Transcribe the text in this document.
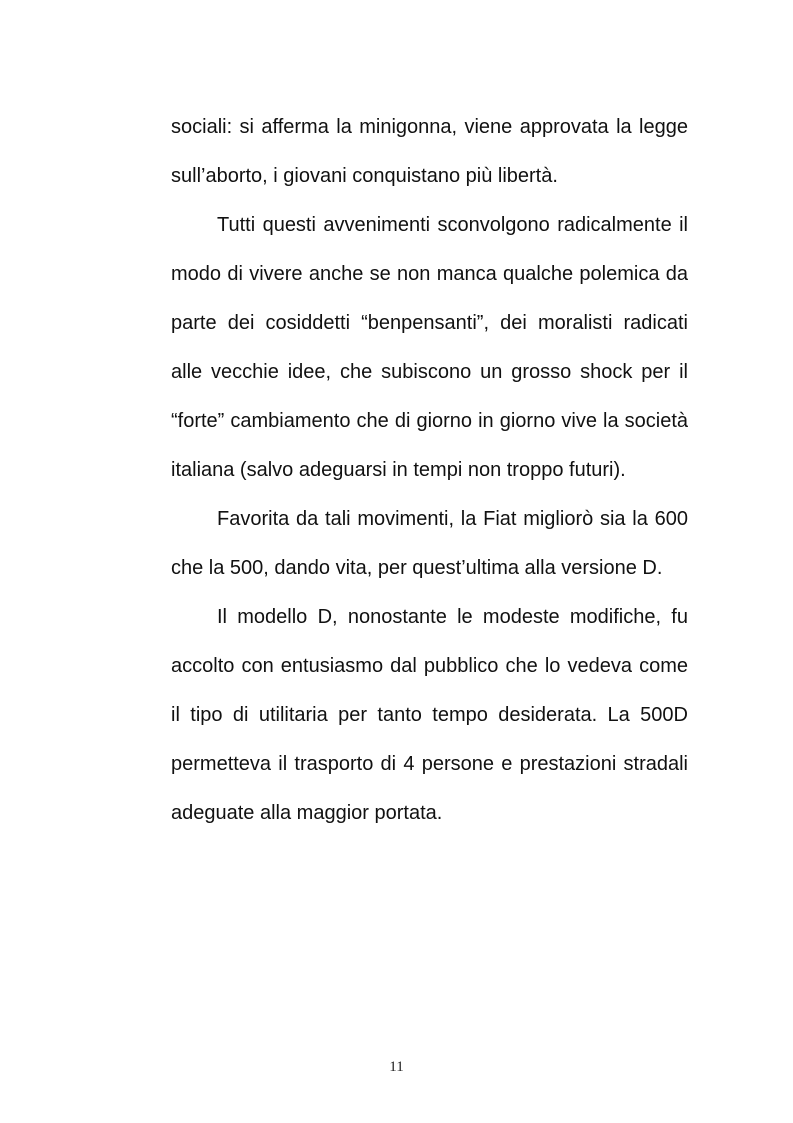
sociali: si afferma la minigonna, viene approvata la legge sull’aborto, i giovani conquistano più libertà.

Tutti questi avvenimenti sconvolgono radicalmente il modo di vivere anche se non manca qualche polemica da parte dei cosiddetti “benpensanti”, dei moralisti radicati alle vecchie idee, che subiscono un grosso shock per il “forte” cambiamento che di giorno in giorno vive la società italiana (salvo adeguarsi in tempi non troppo futuri).

Favorita da tali movimenti, la Fiat migliorò sia la 600 che la 500, dando vita, per quest’ultima alla versione D.

Il modello D, nonostante le modeste modifiche, fu accolto con entusiasmo dal pubblico che lo vedeva come il tipo di utilitaria per tanto tempo desiderata. La 500D permetteva il trasporto di 4 persone e prestazioni stradali adeguate alla maggior portata.

11
